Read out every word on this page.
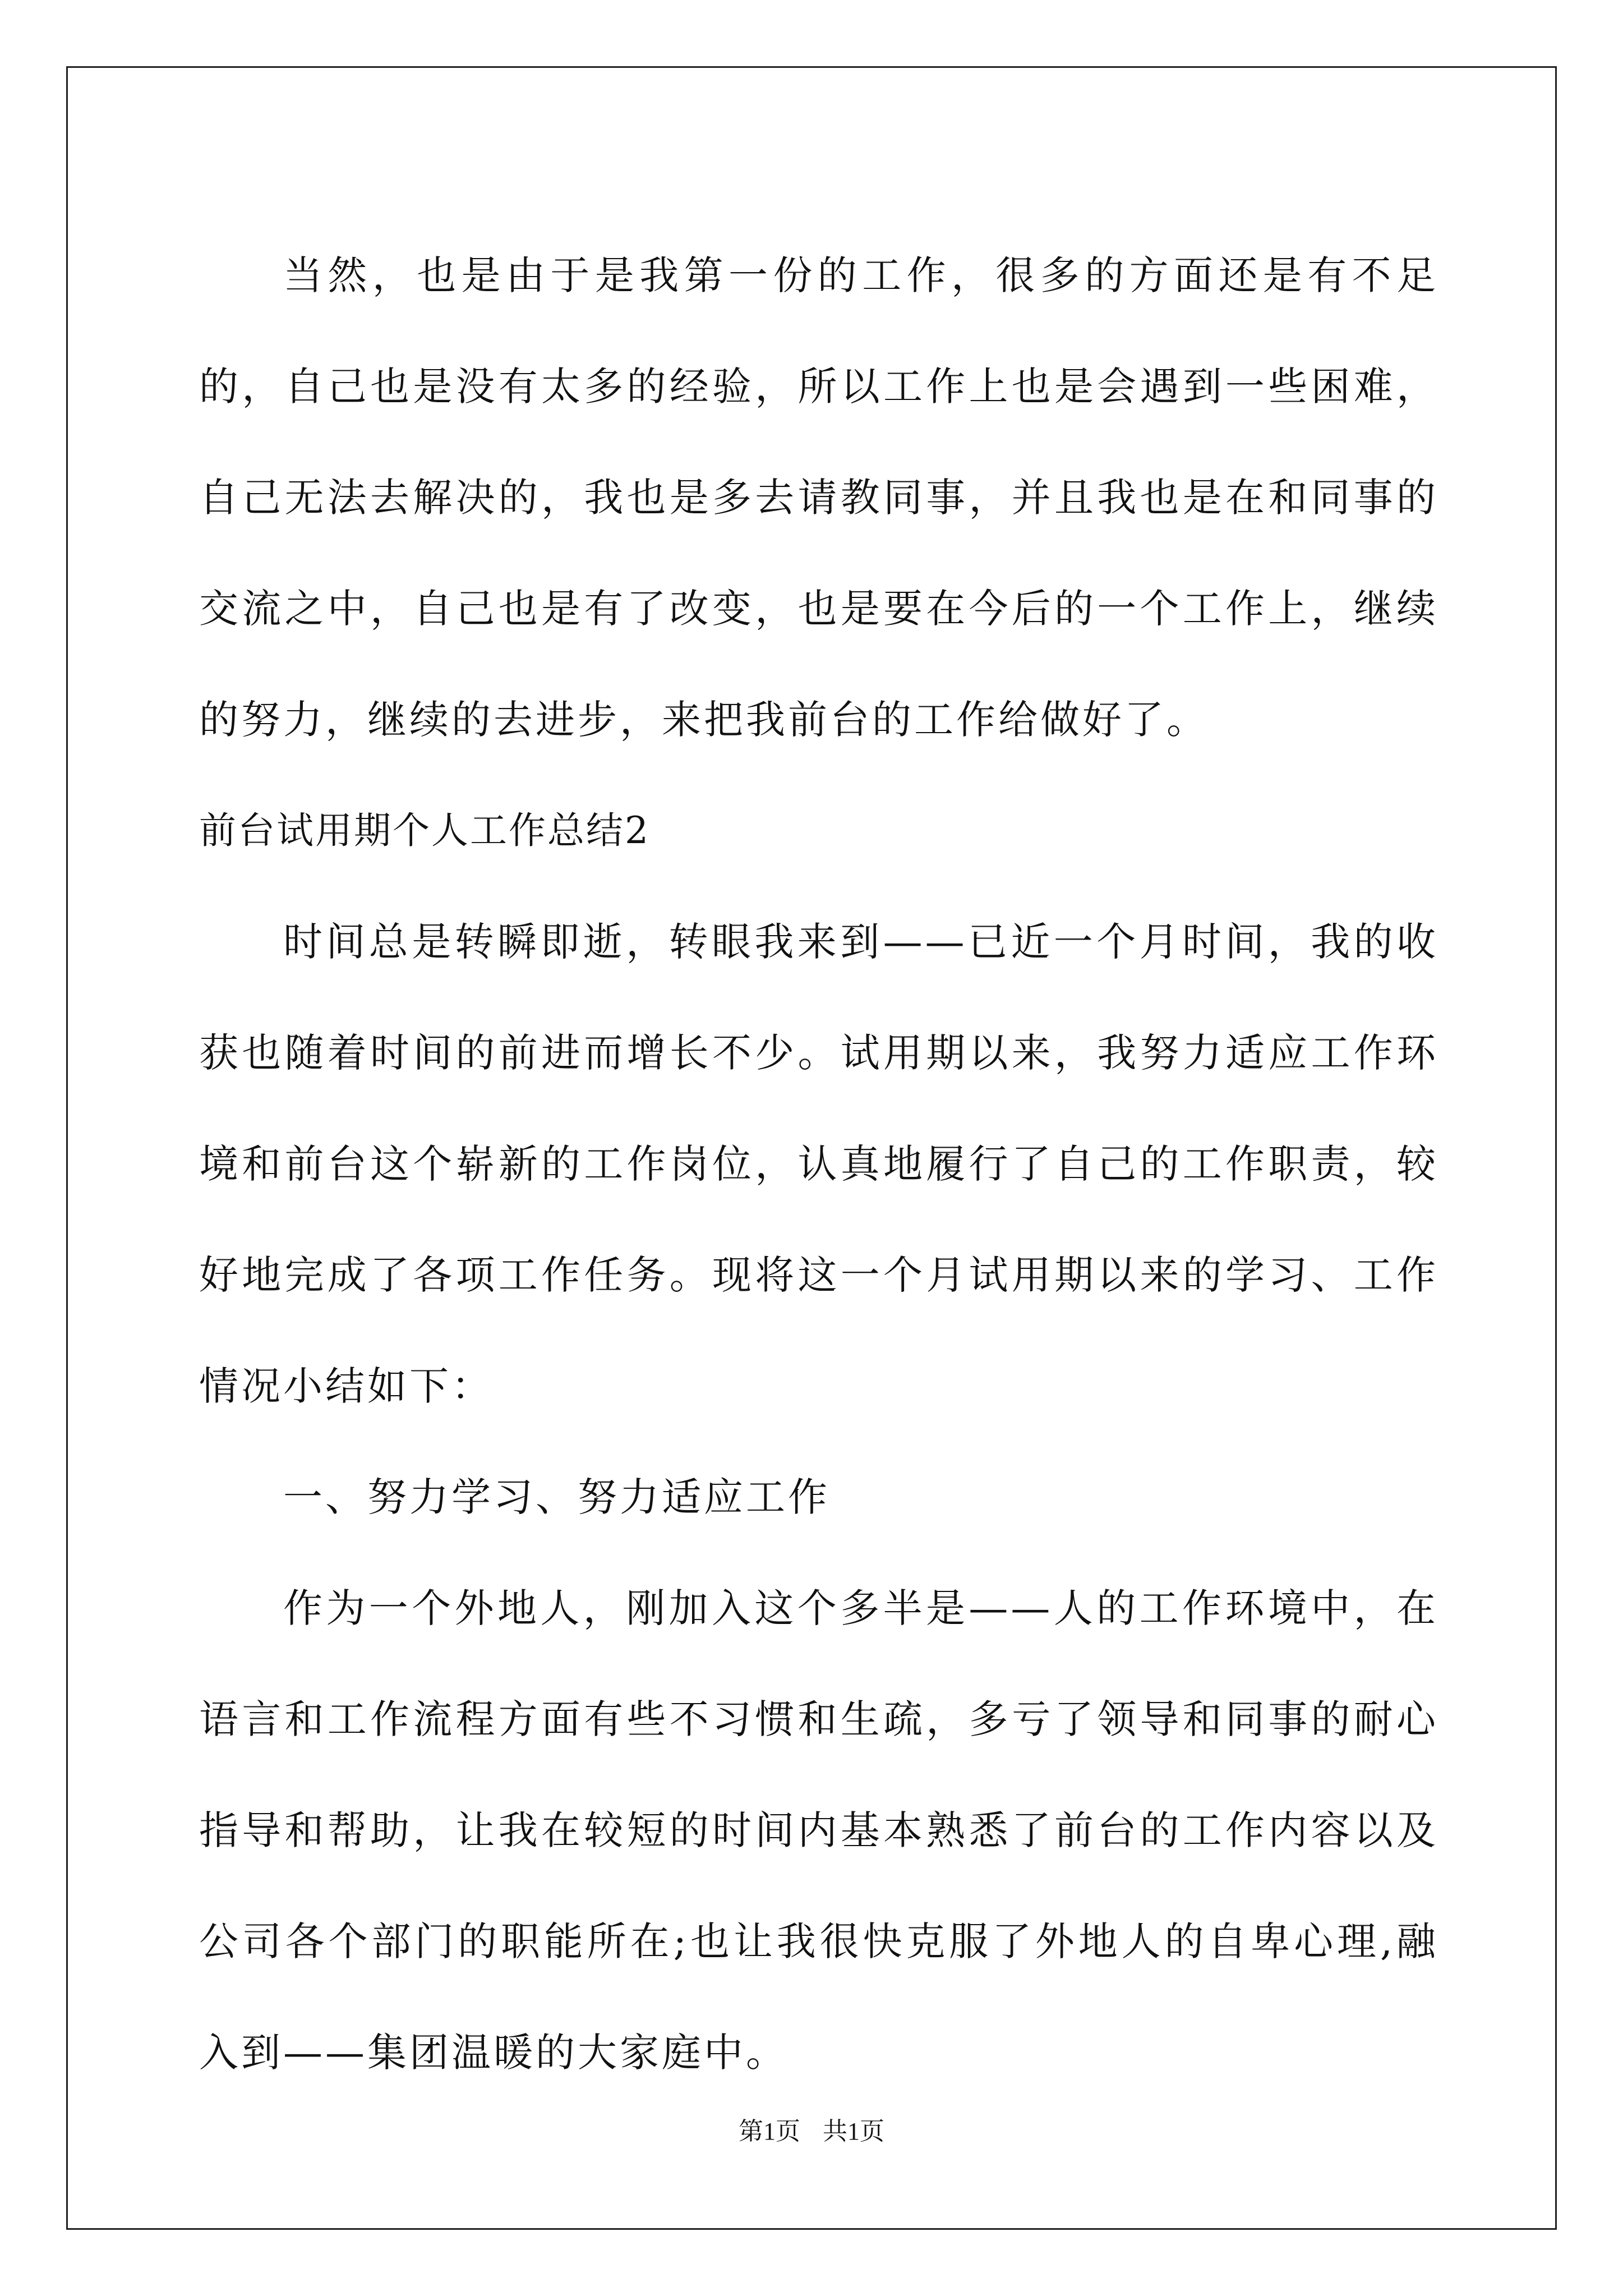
当然，也是由于是我第一份的工作，很多的方面还是有不足的，自己也是没有太多的经验，所以工作上也是会遇到一些困难，自己无法去解决的，我也是多去请教同事，并且我也是在和同事的交流之中，自己也是有了改变，也是要在今后的一个工作上，继续的努力，继续的去进步，来把我前台的工作给做好了。

前台试用期个人工作总结2

时间总是转瞬即逝，转眼我来到——已近一个月时间，我的收获也随着时间的前进而增长不少。试用期以来，我努力适应工作环境和前台这个崭新的工作岗位，认真地履行了自己的工作职责，较好地完成了各项工作任务。现将这一个月试用期以来的学习、工作情况小结如下：

一、努力学习、努力适应工作

作为一个外地人，刚加入这个多半是——人的工作环境中，在语言和工作流程方面有些不习惯和生疏，多亏了领导和同事的耐心指导和帮助，让我在较短的时间内基本熟悉了前台的工作内容以及公司各个部门的职能所在;也让我很快克服了外地人的自卑心理,融入到——集团温暖的大家庭中。

第1页 共1页
